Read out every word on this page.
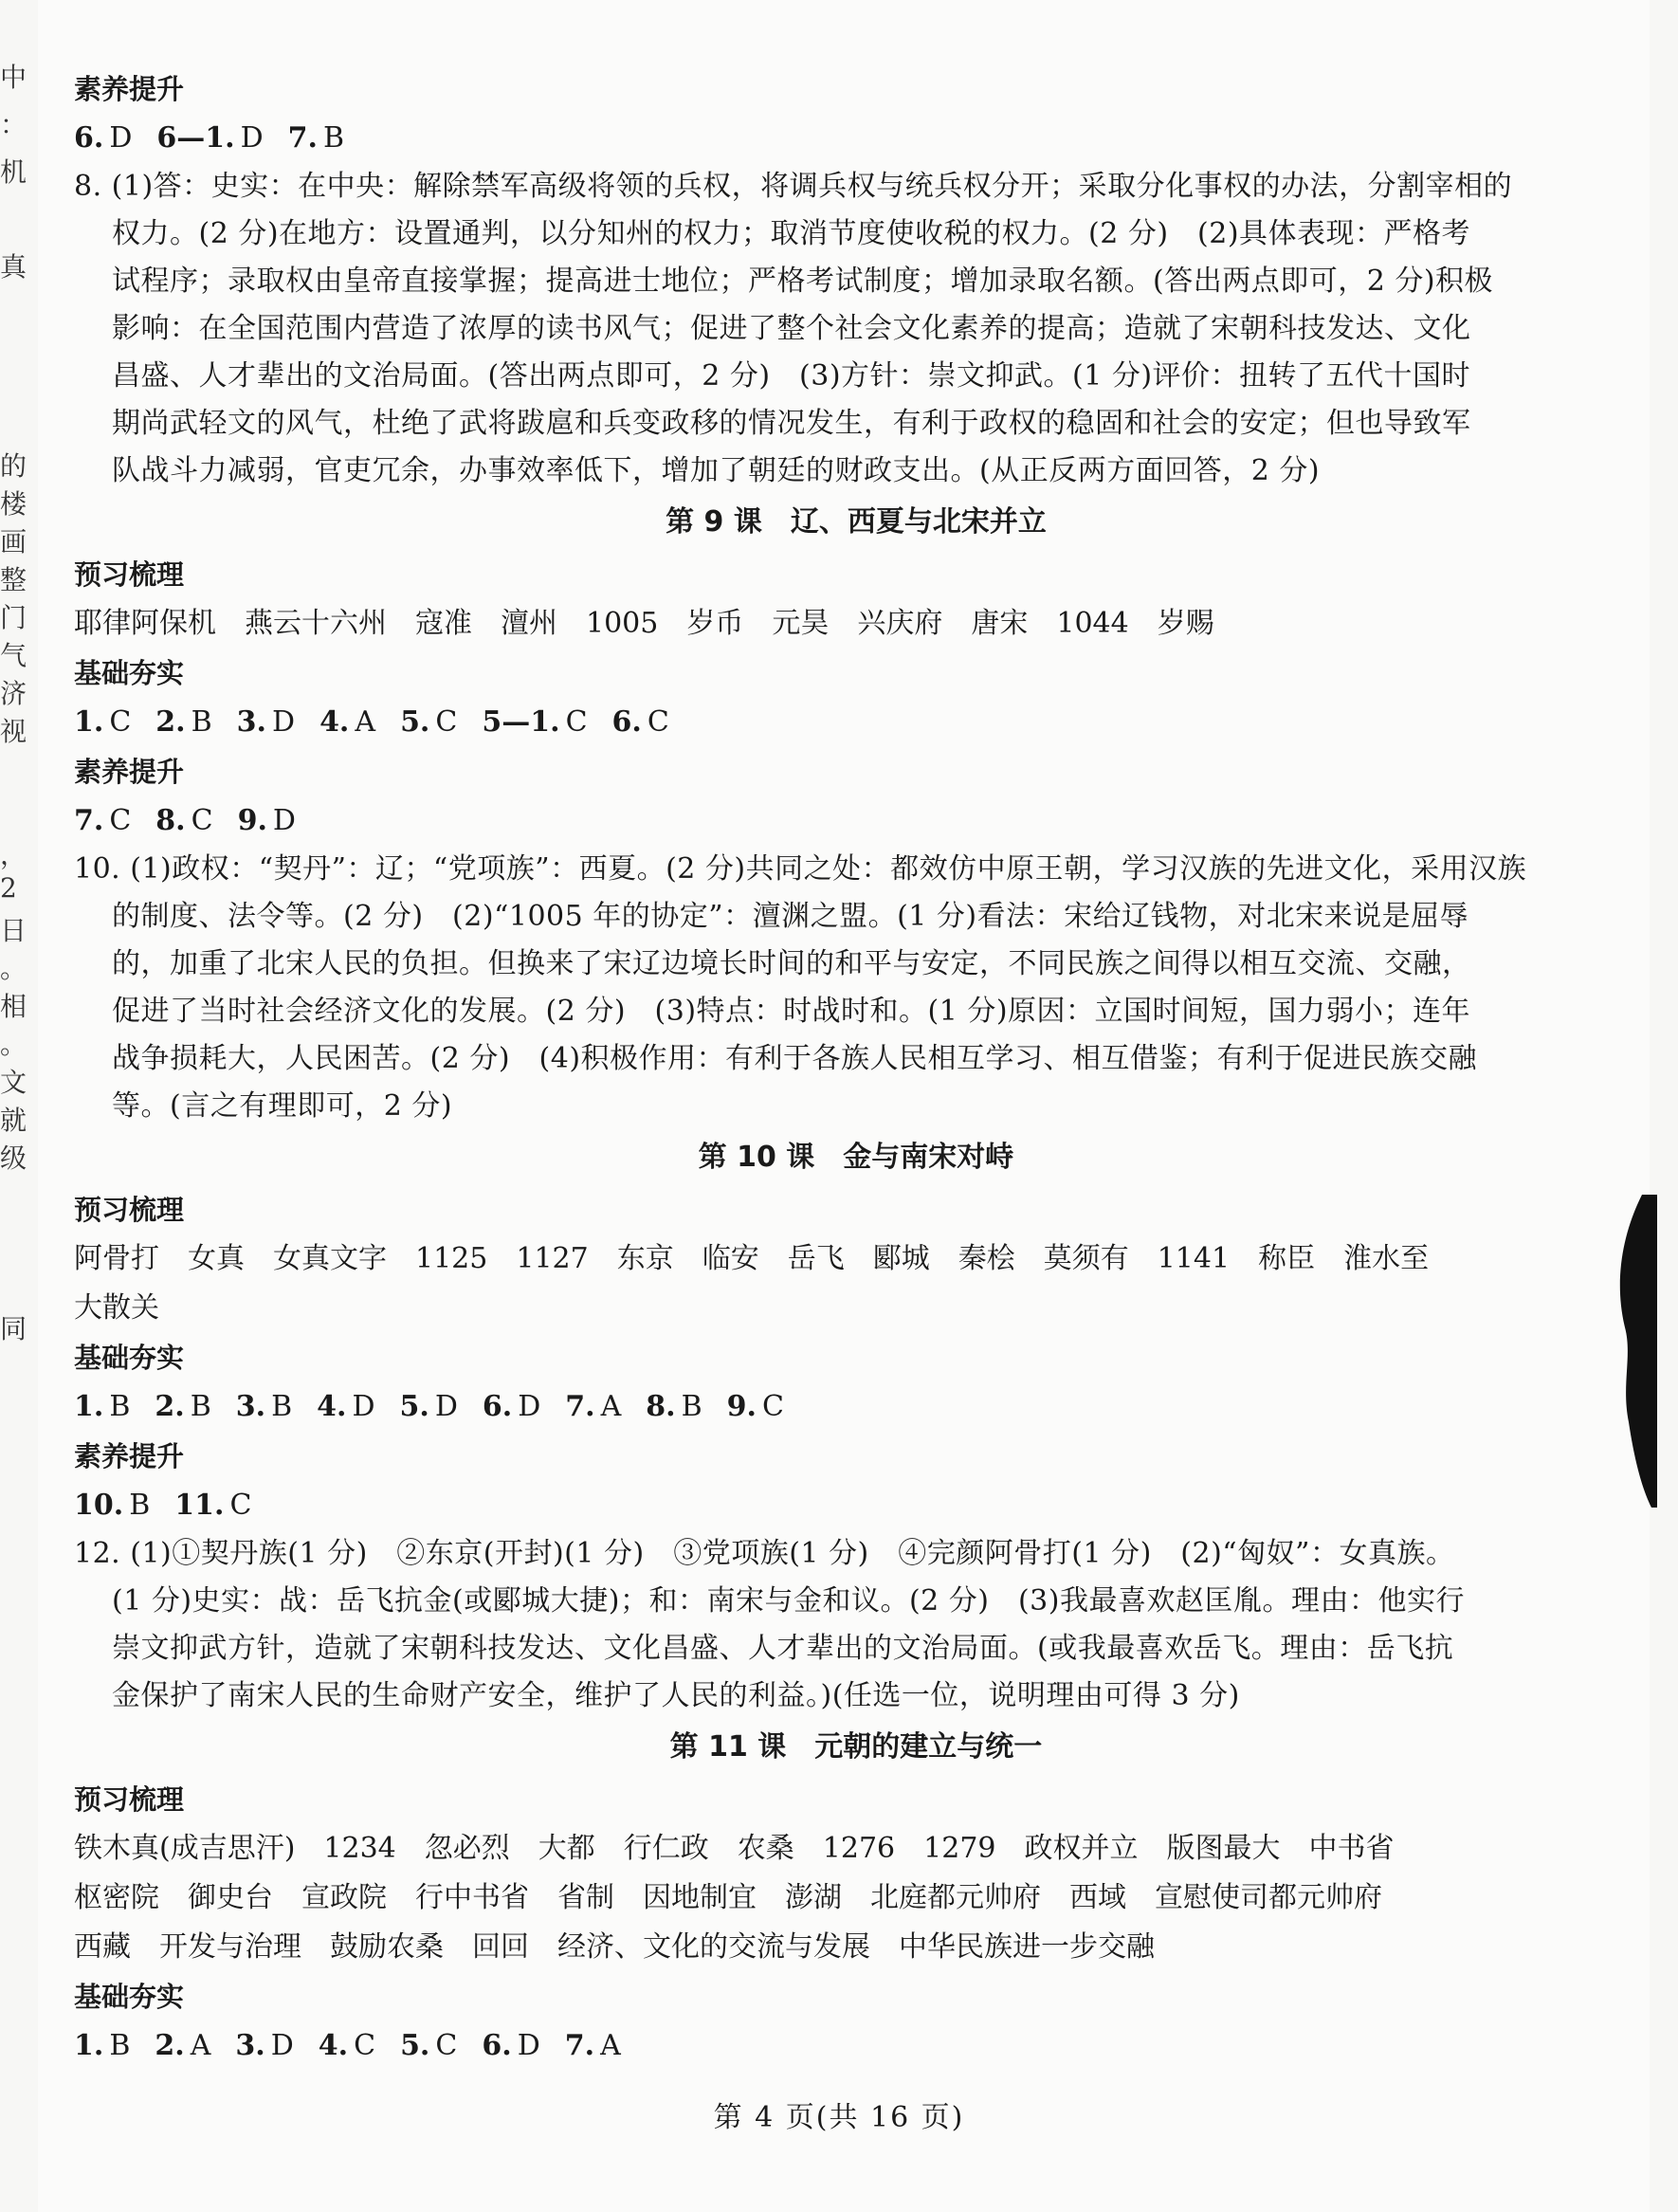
中
：
机
真
的
楼
画
整
门
气
济
视
，
2
日
。
相
。
文
就
级
同
素养提升
6. D 6—1. D 7. B
8. (1)答：史实：在中央：解除禁军高级将领的兵权，将调兵权与统兵权分开；采取分化事权的办法，分割宰相的
权力。(2 分)在地方：设置通判，以分知州的权力；取消节度使收税的权力。(2 分)　(2)具体表现：严格考
试程序；录取权由皇帝直接掌握；提高进士地位；严格考试制度；增加录取名额。(答出两点即可，2 分)积极
影响：在全国范围内营造了浓厚的读书风气；促进了整个社会文化素养的提高；造就了宋朝科技发达、文化
昌盛、人才辈出的文治局面。(答出两点即可，2 分)　(3)方针：崇文抑武。(1 分)评价：扭转了五代十国时
期尚武轻文的风气，杜绝了武将跋扈和兵变政移的情况发生，有利于政权的稳固和社会的安定；但也导致军
队战斗力减弱，官吏冗余，办事效率低下，增加了朝廷的财政支出。(从正反两方面回答，2 分)
第 9 课　辽、西夏与北宋并立
预习梳理
耶律阿保机 燕云十六州 寇准 澶州 1005 岁币 元昊 兴庆府 唐宋 1044 岁赐
基础夯实
1. C 2. B 3. D 4. A 5. C 5—1. C 6. C
素养提升
7. C 8. C 9. D
10. (1)政权：“契丹”：辽；“党项族”：西夏。(2 分)共同之处：都效仿中原王朝，学习汉族的先进文化，采用汉族
的制度、法令等。(2 分)　(2)“1005 年的协定”：澶渊之盟。(1 分)看法：宋给辽钱物，对北宋来说是屈辱
的，加重了北宋人民的负担。但换来了宋辽边境长时间的和平与安定，不同民族之间得以相互交流、交融，
促进了当时社会经济文化的发展。(2 分)　(3)特点：时战时和。(1 分)原因：立国时间短，国力弱小；连年
战争损耗大，人民困苦。(2 分)　(4)积极作用：有利于各族人民相互学习、相互借鉴；有利于促进民族交融
等。(言之有理即可，2 分)
第 10 课　金与南宋对峙
预习梳理
阿骨打 女真 女真文字 1125 1127 东京 临安 岳飞 郾城 秦桧 莫须有 1141 称臣 淮水至
大散关
基础夯实
1. B 2. B 3. B 4. D 5. D 6. D 7. A 8. B 9. C
素养提升
10. B 11. C
12. (1)①契丹族(1 分)　②东京(开封)(1 分)　③党项族(1 分)　④完颜阿骨打(1 分)　(2)“匈奴”：女真族。
(1 分)史实：战：岳飞抗金(或郾城大捷)；和：南宋与金和议。(2 分)　(3)我最喜欢赵匡胤。理由：他实行
崇文抑武方针，造就了宋朝科技发达、文化昌盛、人才辈出的文治局面。(或我最喜欢岳飞。理由：岳飞抗
金保护了南宋人民的生命财产安全，维护了人民的利益。)(任选一位，说明理由可得 3 分)
第 11 课　元朝的建立与统一
预习梳理
铁木真(成吉思汗) 1234 忽必烈 大都 行仁政 农桑 1276 1279 政权并立 版图最大 中书省
枢密院 御史台 宣政院 行中书省 省制 因地制宜 澎湖 北庭都元帅府 西域 宣慰使司都元帅府
西藏 开发与治理 鼓励农桑 回回 经济、文化的交流与发展 中华民族进一步交融
基础夯实
1. B 2. A 3. D 4. C 5. C 6. D 7. A
第 4 页(共 16 页)
